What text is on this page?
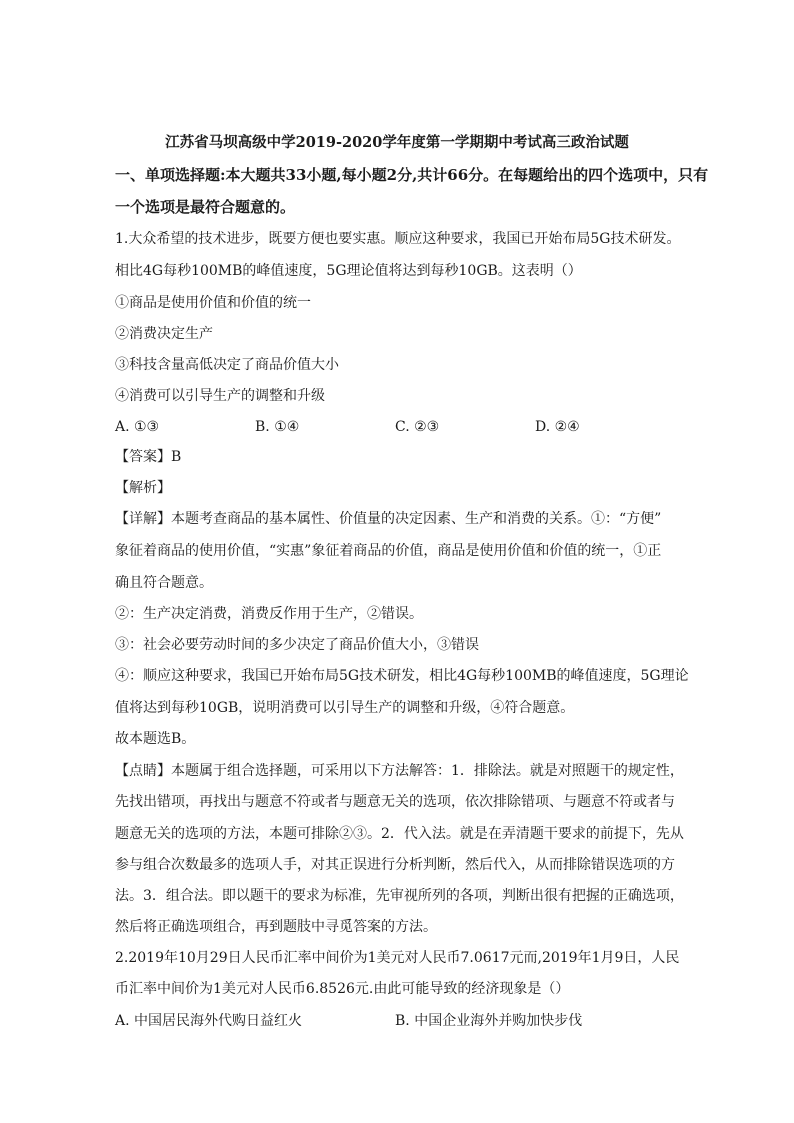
江苏省马坝高级中学2019-2020学年度第一学期期中考试高三政治试题
一、单项选择题:本大题共33小题,每小题2分,共计66分。在每题给出的四个选项中，只有
一个选项是最符合题意的。
1.大众希望的技术进步，既要方便也要实惠。顺应这种要求，我国已开始布局5G技术研发。
相比4G每秒100MB的峰值速度，5G理论值将达到每秒10GB。这表明（）
①商品是使用价值和价值的统一
②消费决定生产
③科技含量高低决定了商品价值大小
④消费可以引导生产的调整和升级
A. ①③	B. ①④	C. ②③	D. ②④
【答案】B
【解析】
【详解】本题考查商品的基本属性、价值量的决定因素、生产和消费的关系。①：“方便”
象征着商品的使用价值，“实惠”象征着商品的价值，商品是使用价值和价值的统一，①正
确且符合题意。
②：生产决定消费，消费反作用于生产，②错误。
③：社会必要劳动时间的多少决定了商品价值大小，③错误
④：顺应这种要求，我国已开始布局5G技术研发，相比4G每秒100MB的峰值速度，5G理论
值将达到每秒10GB，说明消费可以引导生产的调整和升级，④符合题意。
故本题选B。
【点睛】本题属于组合选择题，可采用以下方法解答：1．排除法。就是对照题干的规定性，
先找出错项，再找出与题意不符或者与题意无关的选项，依次排除错项、与题意不符或者与
题意无关的选项的方法，本题可排除②③。2．代入法。就是在弄清题干要求的前提下，先从
参与组合次数最多的选项人手，对其正误进行分析判断，然后代入，从而排除错误选项的方
法。3．组合法。即以题干的要求为标准，先审视所列的各项，判断出很有把握的正确选项，
然后将正确选项组合，再到题肢中寻觅答案的方法。
2.2019年10月29日人民币汇率中间价为1美元对人民币7.0617元而,2019年1月9日，人民
币汇率中间价为1美元对人民币6.8526元.由此可能导致的经济现象是（）
A. 中国居民海外代购日益红火	B. 中国企业海外并购加快步伐
